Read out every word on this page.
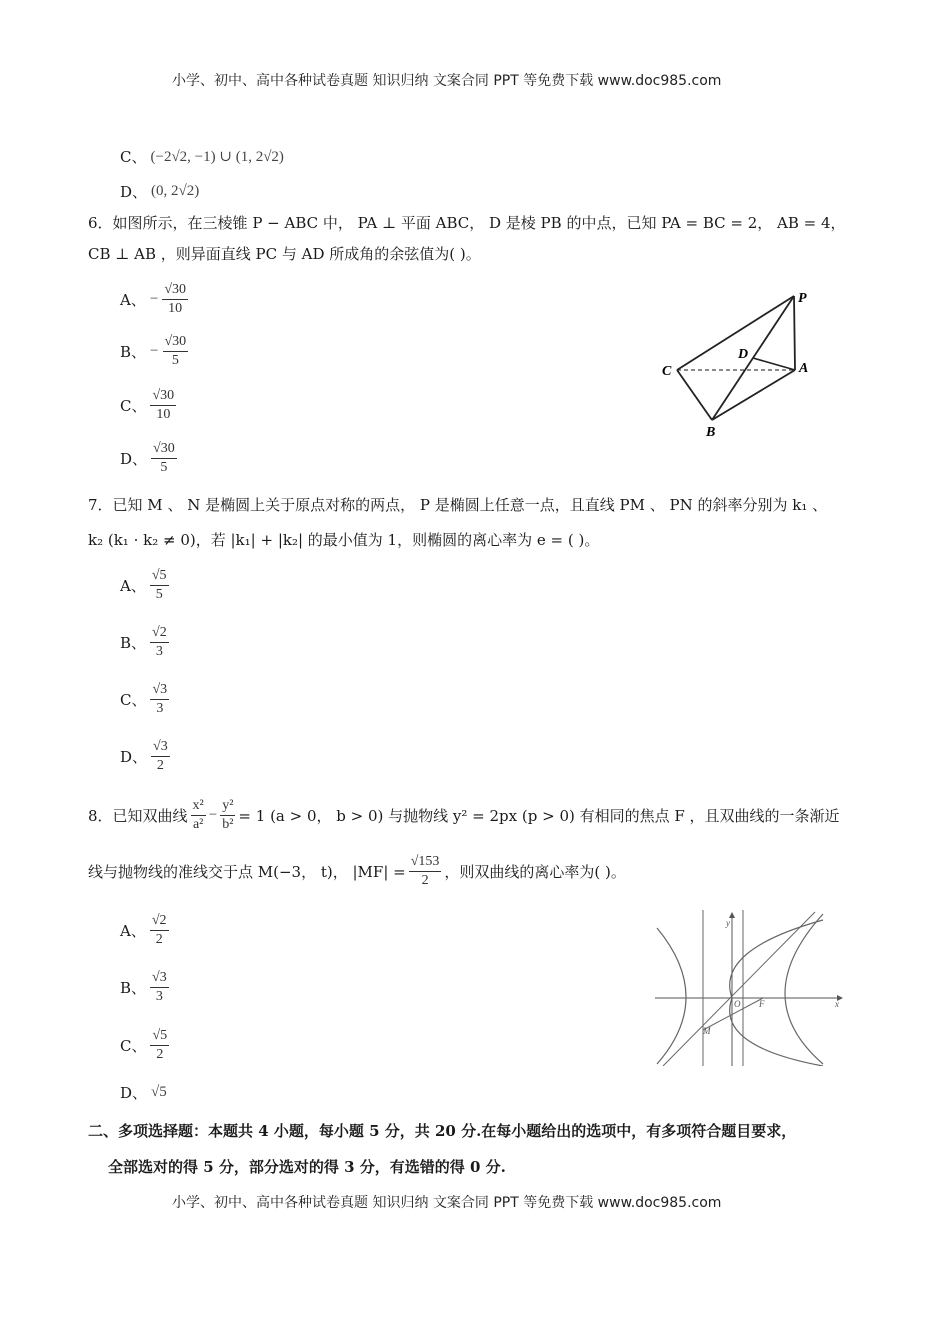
小学、初中、高中各种试卷真题 知识归纳 文案合同 PPT 等免费下载 www.doc985.com
C、 (−2√2, −1) ∪ (1, 2√2)
D、 (0, 2√2)
6．如图所示，在三棱锥 P − ABC 中， PA ⊥ 平面 ABC， D 是棱 PB 的中点，已知 PA = BC = 2， AB = 4，
CB ⊥ AB ，则异面直线 PC 与 AD 所成角的余弦值为( )。
A、 − $\frac{√30}{10}$
B、 − $\frac{√30}{5}$
C、 $\frac{√30}{10}$
D、 $\frac{√30}{5}$
P
A
B
C
D
7．已知 M 、 N 是椭圆上关于原点对称的两点， P 是椭圆上任意一点，且直线 PM 、 PN 的斜率分别为 k₁ 、
k₂ (k₁ · k₂ ≠ 0)，若 |k₁| + |k₂| 的最小值为 1，则椭圆的离心率为 e = ( )。
A、 $\frac{√5}{5}$
B、 $\frac{√2}{3}$
C、 $\frac{√3}{3}$
D、 $\frac{√3}{2}$
8．已知双曲线 $\frac{\text{x²}}{\text{a²}} - \frac{\text{y²}}{\text{b²}} = 1$ (a > 0， b > 0) 与抛物线 y² = 2px (p > 0) 有相同的焦点 F ，且双曲线的一条渐近
线与抛物线的准线交于点 M(−3， t)， $|MF| = \frac{√153}{2}$ ，则双曲线的离心率为( )。
A、 $\frac{√2}{2}$
B、 $\frac{√3}{3}$
C、 $\frac{√5}{2}$
D、 √5
y
x
O F
M
二、多项选择题：本题共 4 小题，每小题 5 分，共 20 分.在每小题给出的选项中，有多项符合题目要求，
全部选对的得 5 分，部分选对的得 3 分，有选错的得 0 分.
小学、初中、高中各种试卷真题 知识归纳 文案合同 PPT 等免费下载 www.doc985.com
